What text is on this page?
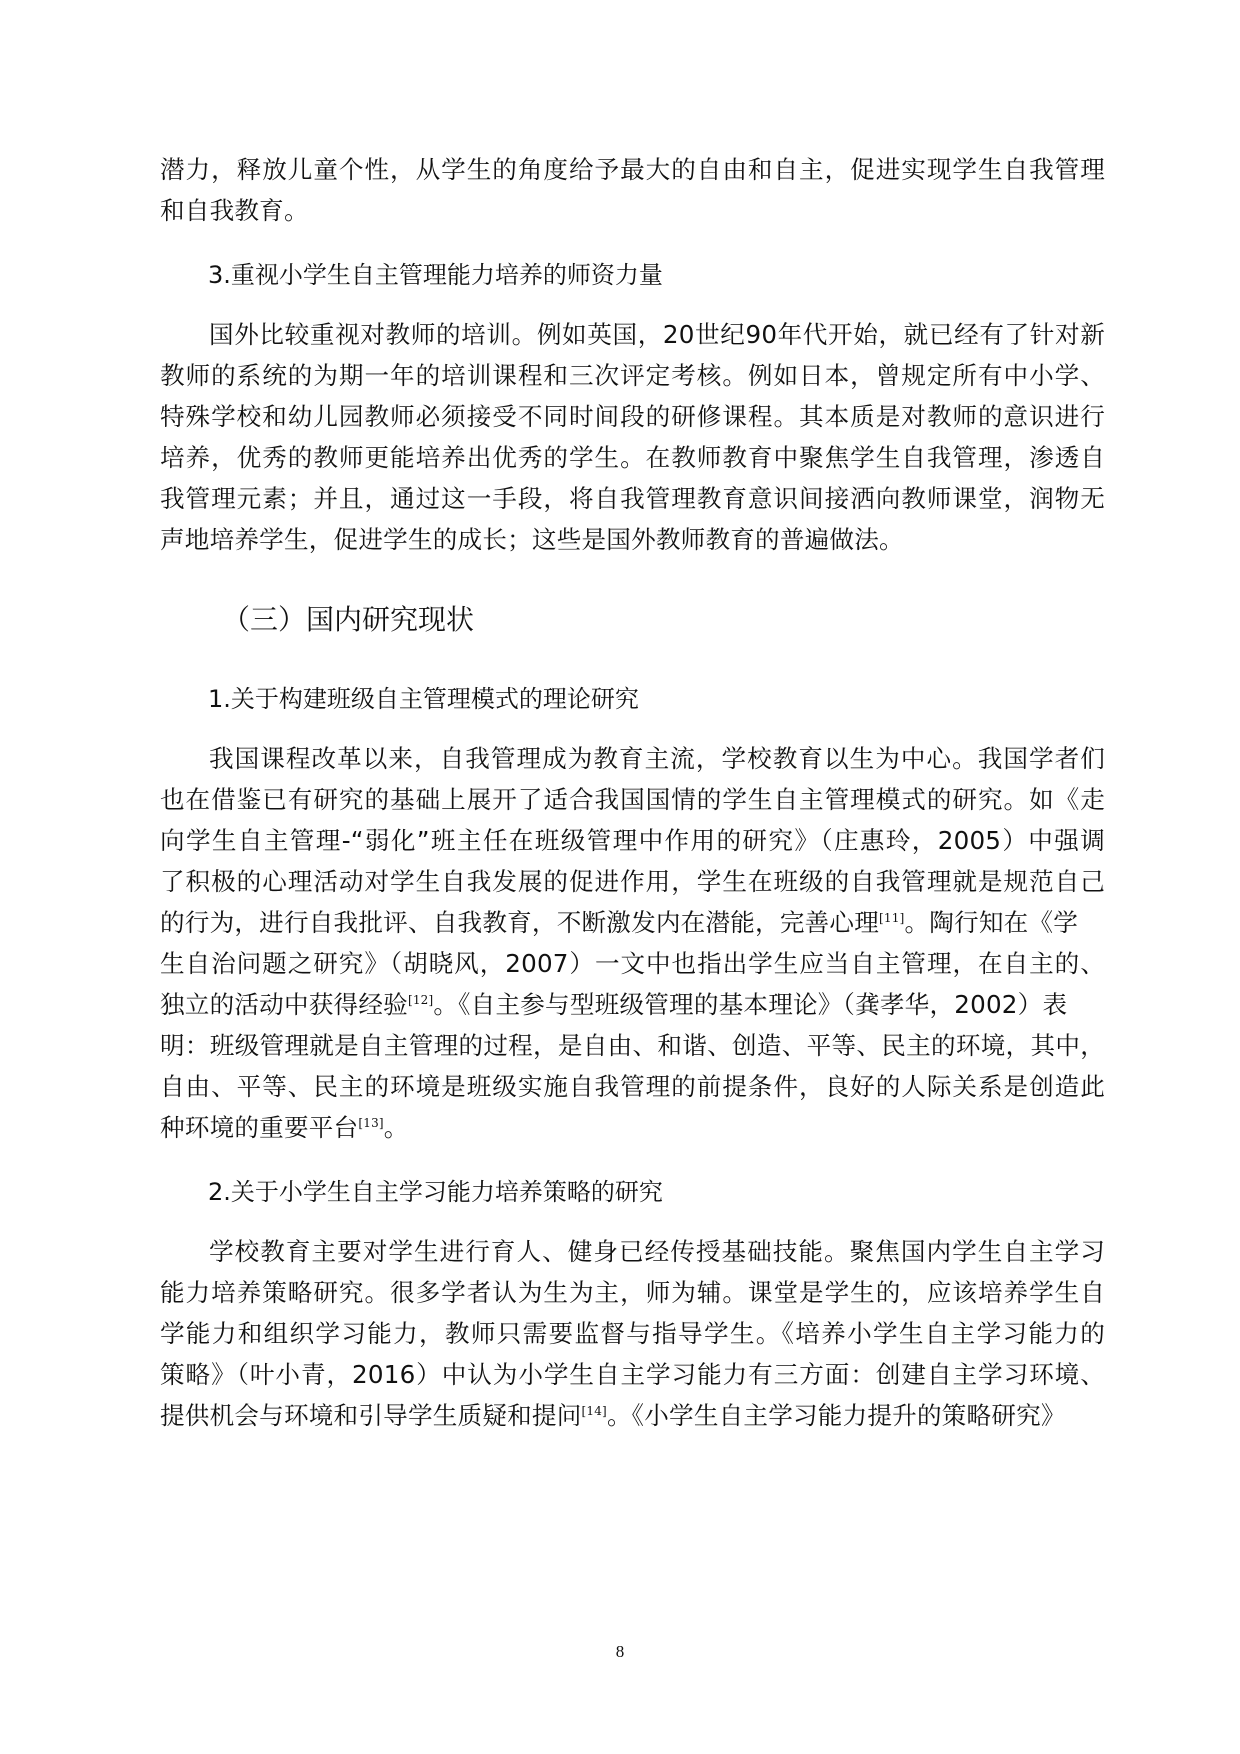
潜力，释放儿童个性，从学生的角度给予最大的自由和自主，促进实现学生自我管理
和自我教育。
3.重视小学生自主管理能力培养的师资力量
国外比较重视对教师的培训。例如英国，20世纪90年代开始，就已经有了针对新
教师的系统的为期一年的培训课程和三次评定考核。例如日本，曾规定所有中小学、
特殊学校和幼儿园教师必须接受不同时间段的研修课程。其本质是对教师的意识进行
培养，优秀的教师更能培养出优秀的学生。在教师教育中聚焦学生自我管理，渗透自
我管理元素；并且，通过这一手段，将自我管理教育意识间接洒向教师课堂，润物无
声地培养学生，促进学生的成长；这些是国外教师教育的普遍做法。
（三）国内研究现状
1.关于构建班级自主管理模式的理论研究
我国课程改革以来，自我管理成为教育主流，学校教育以生为中心。我国学者们
也在借鉴已有研究的基础上展开了适合我国国情的学生自主管理模式的研究。如《走
向学生自主管理-“弱化”班主任在班级管理中作用的研究》（庄惠玲，2005）中强调
了积极的心理活动对学生自我发展的促进作用，学生在班级的自我管理就是规范自己
的行为，进行自我批评、自我教育，不断激发内在潜能，完善心理[11]。陶行知在《学
生自治问题之研究》（胡晓风，2007）一文中也指出学生应当自主管理，在自主的、
独立的活动中获得经验[12]。《自主参与型班级管理的基本理论》（龚孝华，2002）表
明：班级管理就是自主管理的过程，是自由、和谐、创造、平等、民主的环境，其中，
自由、平等、民主的环境是班级实施自我管理的前提条件，良好的人际关系是创造此
种环境的重要平台[13]。
2.关于小学生自主学习能力培养策略的研究
学校教育主要对学生进行育人、健身已经传授基础技能。聚焦国内学生自主学习
能力培养策略研究。很多学者认为生为主，师为辅。课堂是学生的，应该培养学生自
学能力和组织学习能力，教师只需要监督与指导学生。《培养小学生自主学习能力的
策略》（叶小青，2016）中认为小学生自主学习能力有三方面：创建自主学习环境、
提供机会与环境和引导学生质疑和提问[14]。《小学生自主学习能力提升的策略研究》
8
